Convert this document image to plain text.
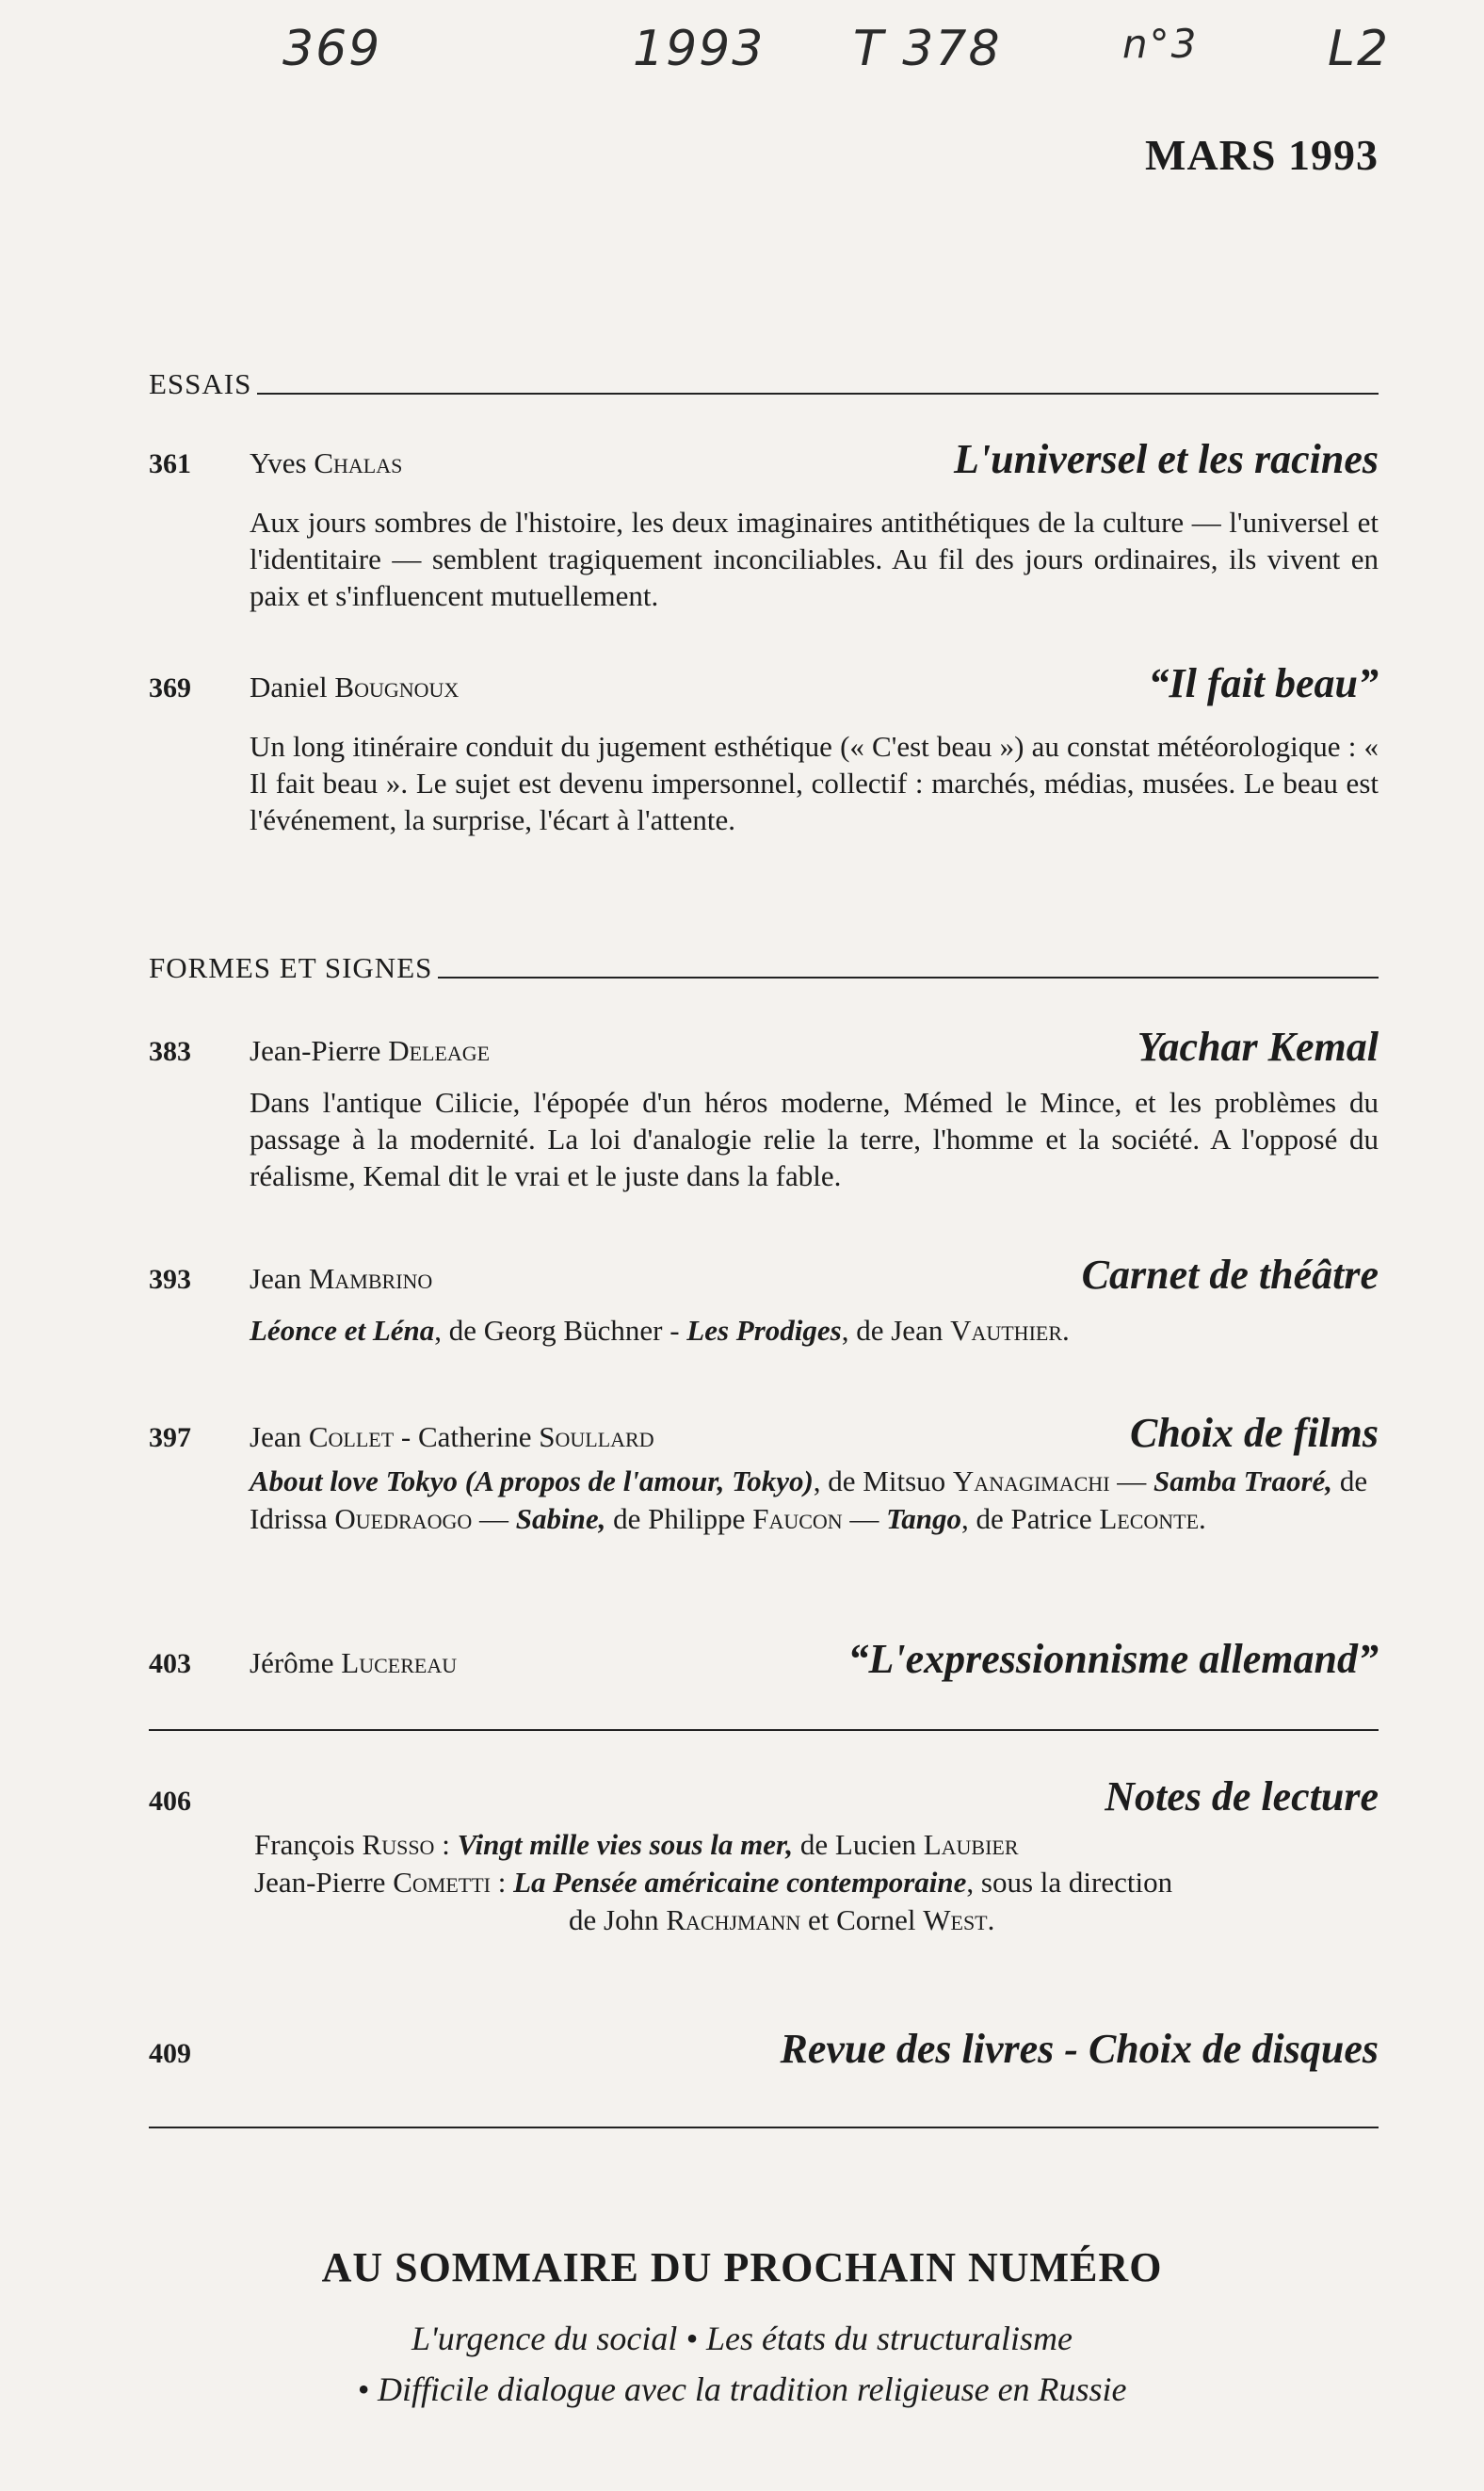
369	1993 T 378	n°3	L2
MARS 1993
ESSAIS
361	Yves Chalas	L'universel et les racines
Aux jours sombres de l'histoire, les deux imaginaires antithétiques de la culture — l'universel et l'identitaire — semblent tragiquement inconciliables. Au fil des jours ordinaires, ils vivent en paix et s'influencent mutuellement.
369	Daniel Bougnoux	“Il fait beau”
Un long itinéraire conduit du jugement esthétique (« C'est beau ») au constat météorologique : « Il fait beau ». Le sujet est devenu impersonnel, collectif : marchés, médias, musées. Le beau est l'événement, la surprise, l'écart à l'attente.
FORMES ET SIGNES
383	Jean-Pierre Deleage	Yachar Kemal
Dans l'antique Cilicie, l'épopée d'un héros moderne, Mémed le Mince, et les problèmes du passage à la modernité. La loi d'analogie relie la terre, l'homme et la société. A l'opposé du réalisme, Kemal dit le vrai et le juste dans la fable.
393	Jean Mambrino	Carnet de théâtre
Léonce et Léna, de Georg Büchner - Les Prodiges, de Jean Vauthier.
397	Jean Collet - Catherine Soullard	Choix de films
About love Tokyo (A propos de l'amour, Tokyo), de Mitsuo Yanagimachi — Samba Traoré, de Idrissa Ouedraogo — Sabine, de Philippe Faucon — Tango, de Patrice Leconte.
403	Jérôme Lucereau	“L'expressionnisme allemand”
406	Notes de lecture
François Russo : Vingt mille vies sous la mer, de Lucien Laubier
Jean-Pierre Cometti : La Pensée américaine contemporaine, sous la direction
de John Rachjmann et Cornel West.
409	Revue des livres - Choix de disques
AU SOMMAIRE DU PROCHAIN NUMÉRO
L'urgence du social • Les états du structuralisme
• Difficile dialogue avec la tradition religieuse en Russie
